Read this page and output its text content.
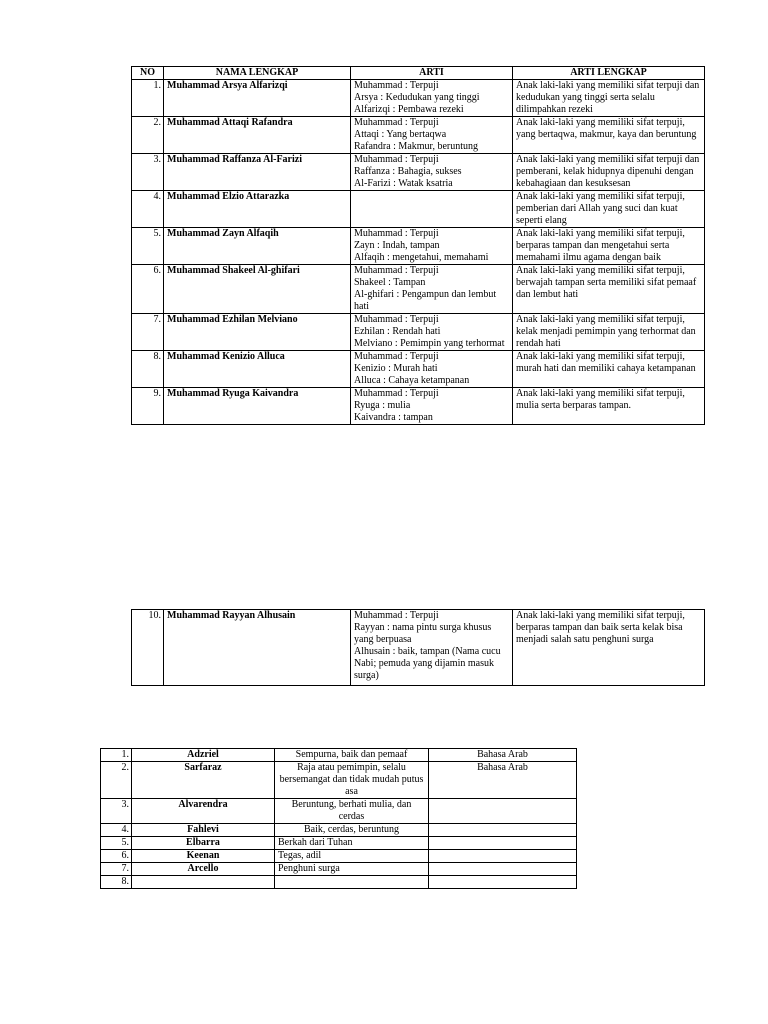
NO	NAMA LENGKAP	ARTI	ARTI LENGKAP
1.	Muhammad Arsya Alfarizqi	Muhammad : Terpuji
Arsya : Kedudukan yang tinggi
Alfarizqi : Pembawa rezeki	Anak laki-laki yang memiliki sifat terpuji dan kedudukan yang tinggi serta selalu dilimpahkan rezeki
2.	Muhammad Attaqi Rafandra	Muhammad : Terpuji
Attaqi : Yang bertaqwa
Rafandra : Makmur, beruntung	Anak laki-laki yang memiliki sifat terpuji, yang bertaqwa, makmur, kaya dan beruntung
3.	Muhammad Raffanza Al-Farizi	Muhammad : Terpuji
Raffanza : Bahagia, sukses
Al-Farizi : Watak ksatria	Anak laki-laki yang memiliki sifat terpuji dan pemberani, kelak hidupnya dipenuhi dengan kebahagiaan dan kesuksesan
4.	Muhammad Elzio Attarazka		Anak laki-laki yang memiliki sifat terpuji, pemberian dari Allah yang suci dan kuat seperti elang
5.	Muhammad Zayn Alfaqih	Muhammad : Terpuji
Zayn : Indah, tampan
Alfaqih : mengetahui, memahami	Anak laki-laki yang memiliki sifat terpuji, berparas tampan dan mengetahui serta memahami ilmu agama dengan baik
6.	Muhammad Shakeel Al-ghifari	Muhammad : Terpuji
Shakeel : Tampan
Al-ghifari : Pengampun dan lembut hati	Anak laki-laki yang memiliki sifat terpuji, berwajah tampan serta memiliki sifat pemaaf dan lembut hati
7.	Muhammad Ezhilan Melviano	Muhammad : Terpuji
Ezhilan : Rendah hati
Melviano : Pemimpin yang terhormat	Anak laki-laki yang memiliki sifat terpuji, kelak menjadi pemimpin yang terhormat dan rendah hati
8.	Muhammad Kenizio Alluca	Muhammad : Terpuji
Kenizio : Murah hati
Alluca : Cahaya ketampanan	Anak laki-laki yang memiliki sifat terpuji, murah hati dan memiliki cahaya ketampanan
9.	Muhammad Ryuga Kaivandra	Muhammad : Terpuji
Ryuga : mulia
Kaivandra : tampan	Anak laki-laki yang memiliki sifat terpuji, mulia serta berparas tampan.
10.	Muhammad Rayyan Alhusain	Muhammad : Terpuji
Rayyan : nama pintu surga khusus yang berpuasa
Alhusain : baik, tampan (Nama cucu Nabi; pemuda yang dijamin masuk surga)	Anak laki-laki yang memiliki sifat terpuji, berparas tampan dan baik serta kelak bisa menjadi salah satu penghuni surga
1.	Adzriel	Sempurna, baik dan pemaaf	Bahasa Arab
2.	Sarfaraz	Raja atau pemimpin, selalu bersemangat dan tidak mudah putus asa	Bahasa Arab
3.	Alvarendra	Beruntung, berhati mulia, dan cerdas	
4.	Fahlevi	Baik, cerdas, beruntung	
5.	Elbarra	Berkah dari Tuhan	
6.	Keenan	Tegas, adil	
7.	Arcello	Penghuni surga	
8.			
